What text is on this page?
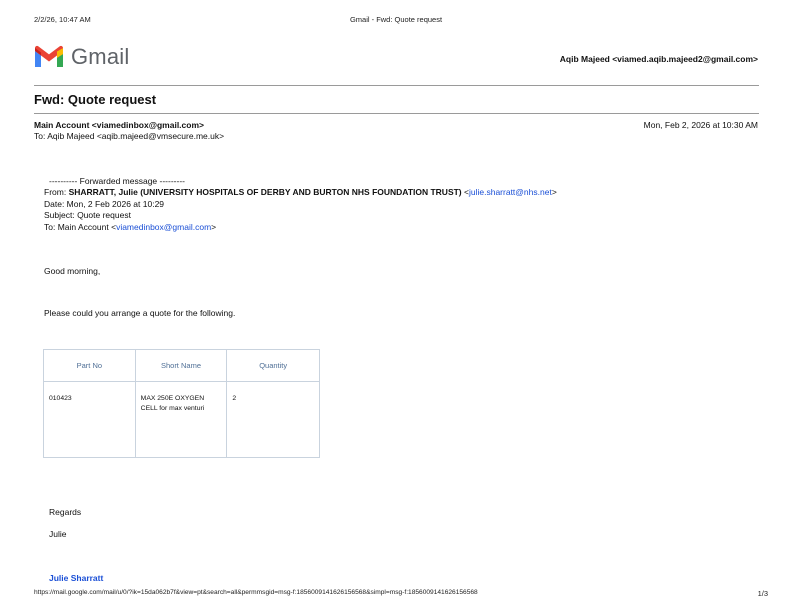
2/2/26, 10:47 AM	Gmail - Fwd: Quote request
Gmail	Aqib Majeed <viamed.aqib.majeed2@gmail.com>
Fwd: Quote request
Main Account <viamedinbox@gmail.com>	Mon, Feb 2, 2026 at 10:30 AM
To: Aqib Majeed <aqib.majeed@vmsecure.me.uk>
---------- Forwarded message ---------
From: SHARRATT, Julie (UNIVERSITY HOSPITALS OF DERBY AND BURTON NHS FOUNDATION TRUST) <julie.sharratt@nhs.net>
Date: Mon, 2 Feb 2026 at 10:29
Subject: Quote request
To: Main Account <viamedinbox@gmail.com>
Good morning,
Please could you arrange a quote for the following.
Part No	Short Name	Quantity
010423	MAX 250E OXYGEN CELL for max venturi	2
Regards
Julie
Julie Sharratt
https://mail.google.com/mail/u/0/?ik=15da062b7f&view=pt&search=all&permmsgid=msg-f:1856009141626156568&simpl=msg-f:1856009141626156568	1/3
